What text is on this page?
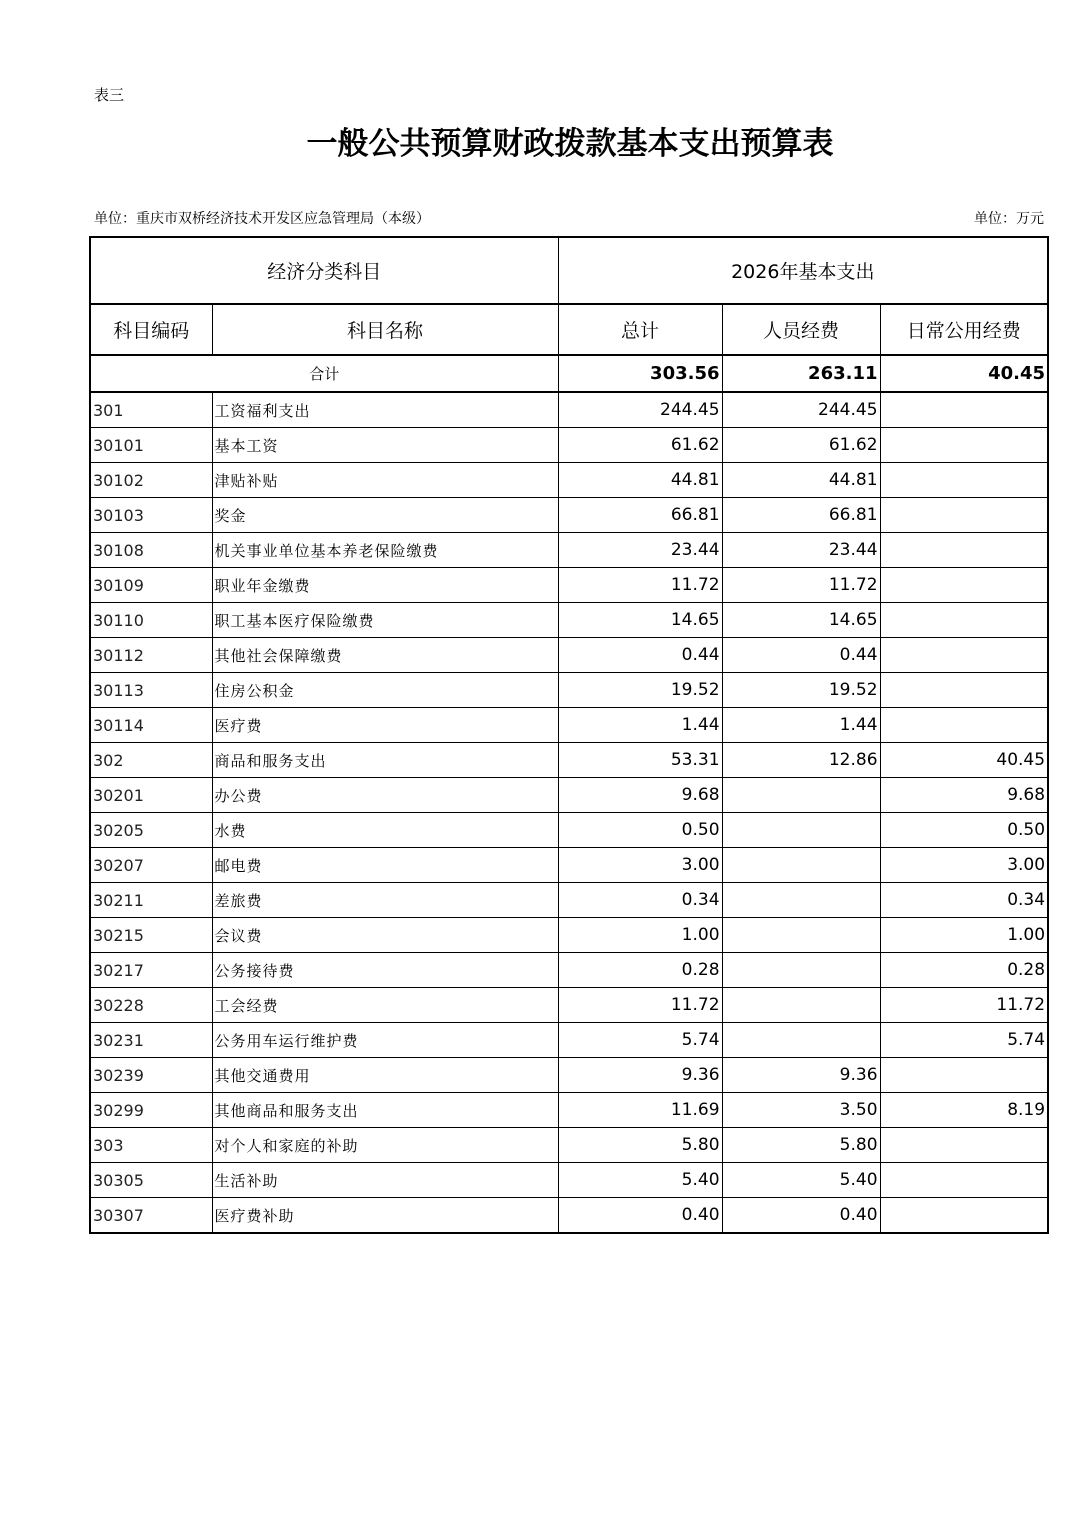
表三
一般公共预算财政拨款基本支出预算表
单位：重庆市双桥经济技术开发区应急管理局（本级）	单位：万元
经济分类科目		2026年基本支出		
科目编码	科目名称	总计	人员经费	日常公用经费
合计		303.56	263.11	40.45
301	工资福利支出	244.45	244.45	
30101	基本工资	61.62	61.62	
30102	津贴补贴	44.81	44.81	
30103	奖金	66.81	66.81	
30108	机关事业单位基本养老保险缴费	23.44	23.44	
30109	职业年金缴费	11.72	11.72	
30110	职工基本医疗保险缴费	14.65	14.65	
30112	其他社会保障缴费	0.44	0.44	
30113	住房公积金	19.52	19.52	
30114	医疗费	1.44	1.44	
302	商品和服务支出	53.31	12.86	40.45
30201	办公费	9.68		9.68
30205	水费	0.50		0.50
30207	邮电费	3.00		3.00
30211	差旅费	0.34		0.34
30215	会议费	1.00		1.00
30217	公务接待费	0.28		0.28
30228	工会经费	11.72		11.72
30231	公务用车运行维护费	5.74		5.74
30239	其他交通费用	9.36	9.36	
30299	其他商品和服务支出	11.69	3.50	8.19
303	对个人和家庭的补助	5.80	5.80	
30305	生活补助	5.40	5.40	
30307	医疗费补助	0.40	0.40	
